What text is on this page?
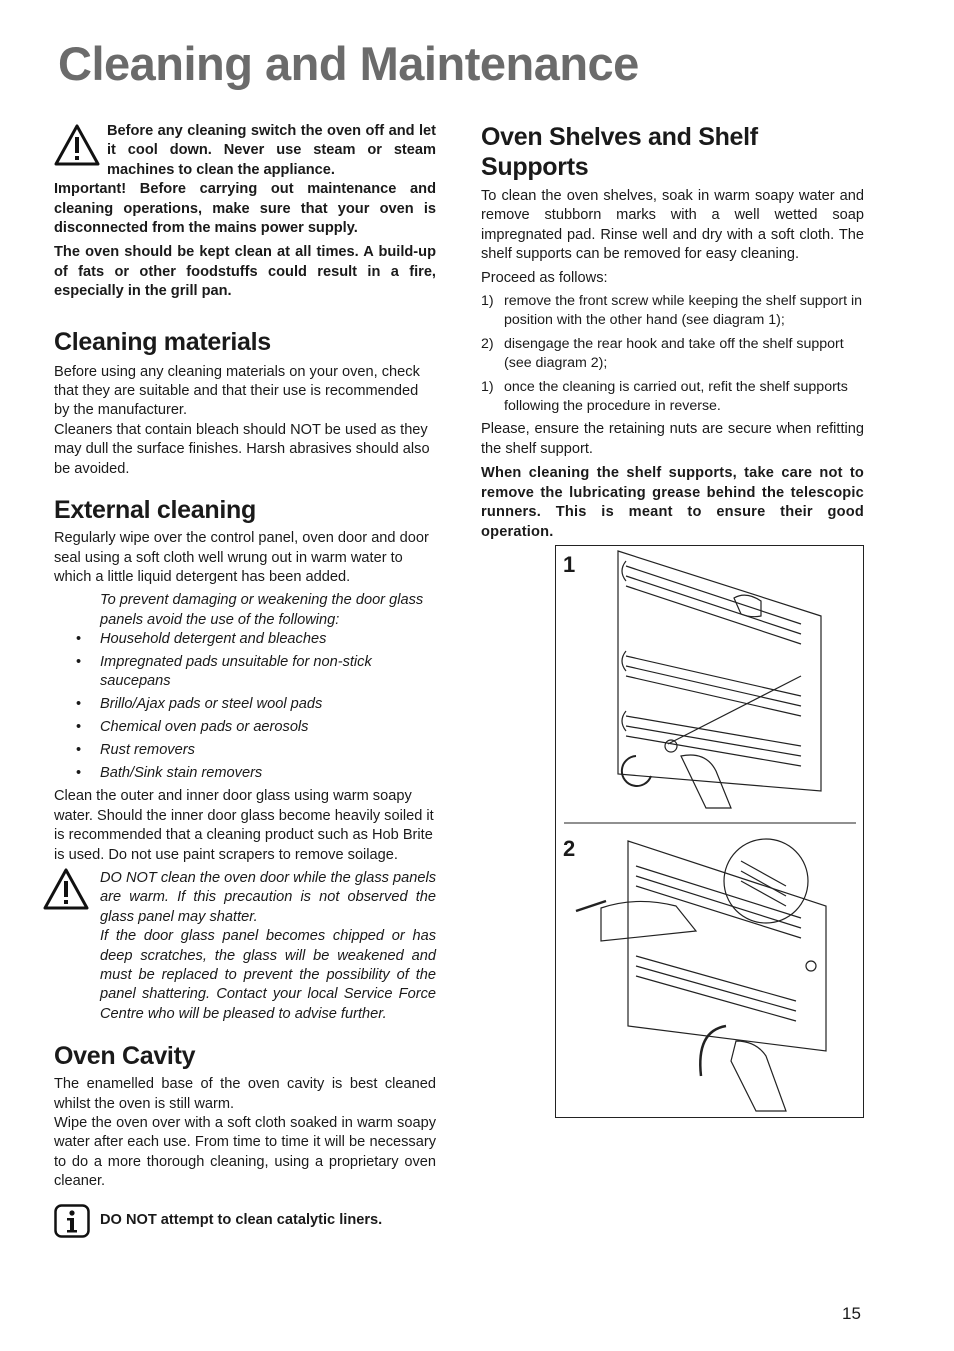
Cleaning and Maintenance

Before any cleaning switch the oven off and let it cool down. Never use steam or steam machines to clean the appliance.

Important! Before carrying out maintenance and cleaning operations, make sure that your oven is disconnected from the mains power supply.

The oven should be kept clean at all times. A build-up of fats or other foodstuffs could result in a fire, especially in the grill pan.

Cleaning materials

Before using any cleaning materials on your oven, check that they are suitable and that their use is recommended by the manufacturer.

Cleaners that contain bleach should NOT be used as they may dull the surface finishes. Harsh abrasives should also be avoided.

External cleaning

Regularly wipe over the control panel, oven door and door seal using a soft cloth well wrung out in warm water to which a little liquid detergent has been added.

To prevent damaging or weakening the door glass panels avoid the use of the following:

• Household detergent and bleaches
• Impregnated pads unsuitable for non-stick saucepans
• Brillo/Ajax pads or steel wool pads
• Chemical oven pads or aerosols
• Rust removers
• Bath/Sink stain removers

Clean the outer and inner door glass using warm soapy water. Should the inner door glass become heavily soiled it is recommended that a cleaning product such as Hob Brite is used. Do not use paint scrapers to remove soilage.

DO NOT clean the oven door while the glass panels are warm. If this precaution is not observed the glass panel may shatter.

If the door glass panel becomes chipped or has deep scratches, the glass will be weakened and must be replaced to prevent the possibility of the panel shattering. Contact your local Service Force Centre who will be pleased to advise further.

Oven Cavity

The enamelled base of the oven cavity is best cleaned whilst the oven is still warm.

Wipe the oven over with a soft cloth soaked in warm soapy water after each use. From time to time it will be necessary to do a more thorough cleaning, using a proprietary oven cleaner.

DO NOT attempt to clean catalytic liners.

Oven Shelves and Shelf Supports

To clean the oven shelves, soak in warm soapy water and remove stubborn marks with a well wetted soap impregnated pad. Rinse well and dry with a soft cloth. The shelf supports can be removed for easy cleaning.

Proceed as follows:

1) remove the front screw while keeping the shelf support in position with the other hand (see diagram 1);
2) disengage the rear hook and take off the shelf support (see diagram 2);
1) once the cleaning is carried out, refit the shelf supports following the procedure in reverse.

Please, ensure the retaining nuts are secure when refitting the shelf support.

When cleaning the shelf supports, take care not to remove the lubricating grease behind the telescopic runners. This is meant to ensure their good operation.

1
2
15
